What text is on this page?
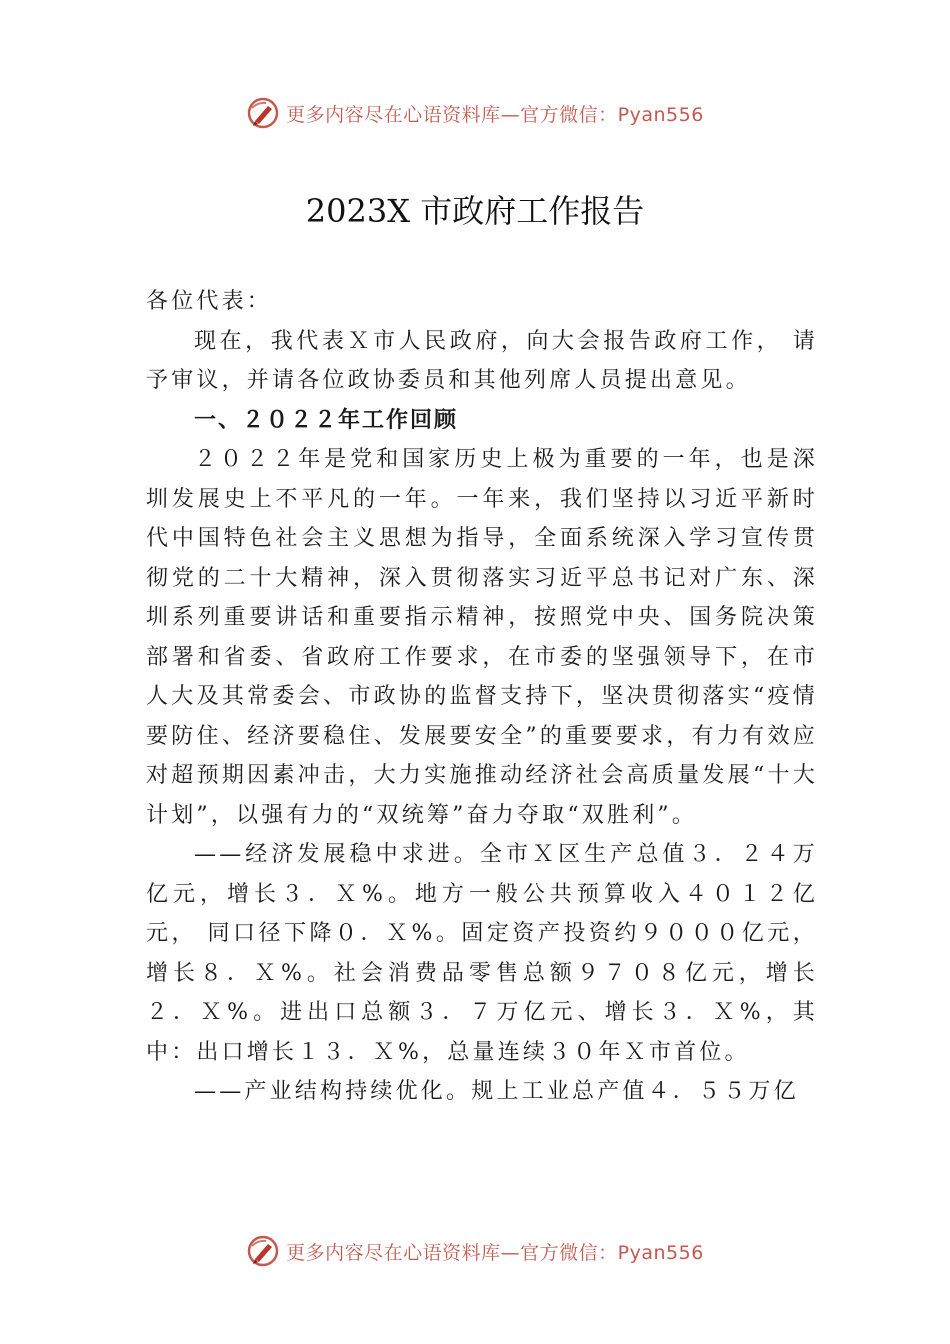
更多内容尽在心语资料库—官方微信：Pyan556
2023X 市政府工作报告

各位代表：

现在，我代表Ｘ市人民政府，向大会报告政府工作， 请予审议，并请各位政协委员和其他列席人员提出意见。

一、２０２２年工作回顾

２０２２年是党和国家历史上极为重要的一年，也是深圳发展史上不平凡的一年。一年来，我们坚持以习近平新时代中国特色社会主义思想为指导，全面系统深入学习宣传贯彻党的二十大精神，深入贯彻落实习近平总书记对广东、深圳系列重要讲话和重要指示精神，按照党中央、国务院决策部署和省委、省政府工作要求，在市委的坚强领导下，在市人大及其常委会、市政协的监督支持下，坚决贯彻落实“疫情要防住、经济要稳住、发展要安全”的重要要求，有力有效应对超预期因素冲击，大力实施推动经济社会高质量发展“十大计划”，以强有力的“双统筹”奋力夺取“双胜利”。

——经济发展稳中求进。全市Ｘ区生产总值３．２４万亿元，增长３．Ｘ%。地方一般公共预算收入４０１２亿元， 同口径下降０．Ｘ%。固定资产投资约９０００亿元，增长８．Ｘ%。社会消费品零售总额９７０８亿元，增长２．Ｘ%。进出口总额３．７万亿元、增长３．Ｘ%，其中：出口增长１３．Ｘ%，总量连续３０年Ｘ市首位。

——产业结构持续优化。规上工业总产值４．５５万亿

更多内容尽在心语资料库—官方微信：Pyan556
